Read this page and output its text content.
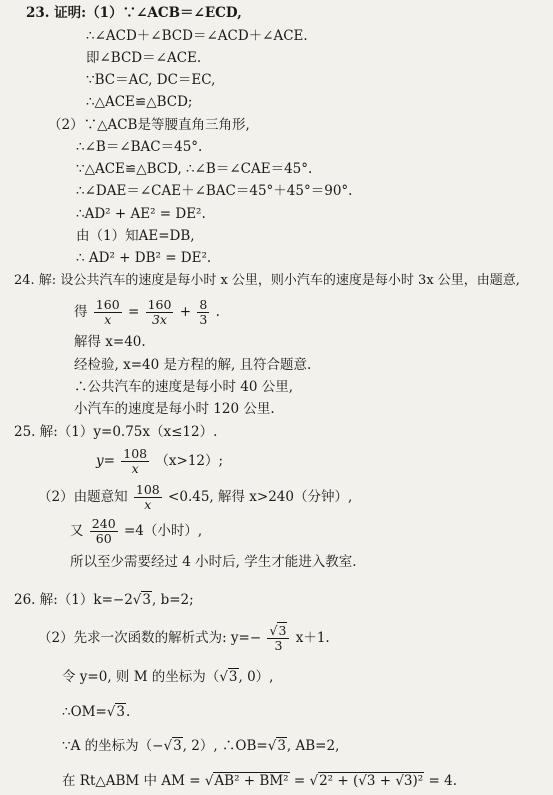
23. 证明:（1）∵∠ACB＝∠ECD,
∴∠ACD＋∠BCD＝∠ACD＋∠ACE.
即∠BCD＝∠ACE.
∵BC＝AC, DC＝EC,
∴△ACE≌△BCD;
（2）∵△ACB是等腰直角三角形,
∴∠B＝∠BAC＝45°.
∵△ACE≌△BCD, ∴∠B＝∠CAE＝45°.
∴∠DAE＝∠CAE＋∠BAC＝45°＋45°＝90°.
∴AD² + AE² = DE².
由（1）知AE=DB,
∴ AD² + DB² = DE².
24. 解: 设公共汽车的速度是每小时 x 公里，则小汽车的速度是每小时 3x 公里，由题意,
得 $\frac{160}{x} = \frac{160}{3x} + \frac{8}{3}$ .
解得 x=40.
经检验, x=40 是方程的解, 且符合题意.
∴公共汽车的速度是每小时 40 公里,
小汽车的速度是每小时 120 公里.
25. 解:（1）y=0.75x（x≤12）.
$y= \frac{108}{x} (x>12)$;
（2）由题意知 $\frac{108}{x} <0.45$, 解得 x>240（分钟）,
又 $\frac{240}{60} =4$（小时）,
所以至少需要经过 4 小时后, 学生才能进入教室.
26. 解:（1）k=−2 √ 3, b=2;
（2）先求一次函数的解析式为: y=− √ $\frac{3}{3} x+1$.
令 y=0, 则 M 的坐标为（ √ 3, 0）,
∴OM= √ 3.
∵A 的坐标为（− √ 3, 2）, ∴OB= √ 3, AB=2,
在 Rt△ABM 中 AM = √ AB² + BM² = √ 2² + (√3 + √3)² = 4.
